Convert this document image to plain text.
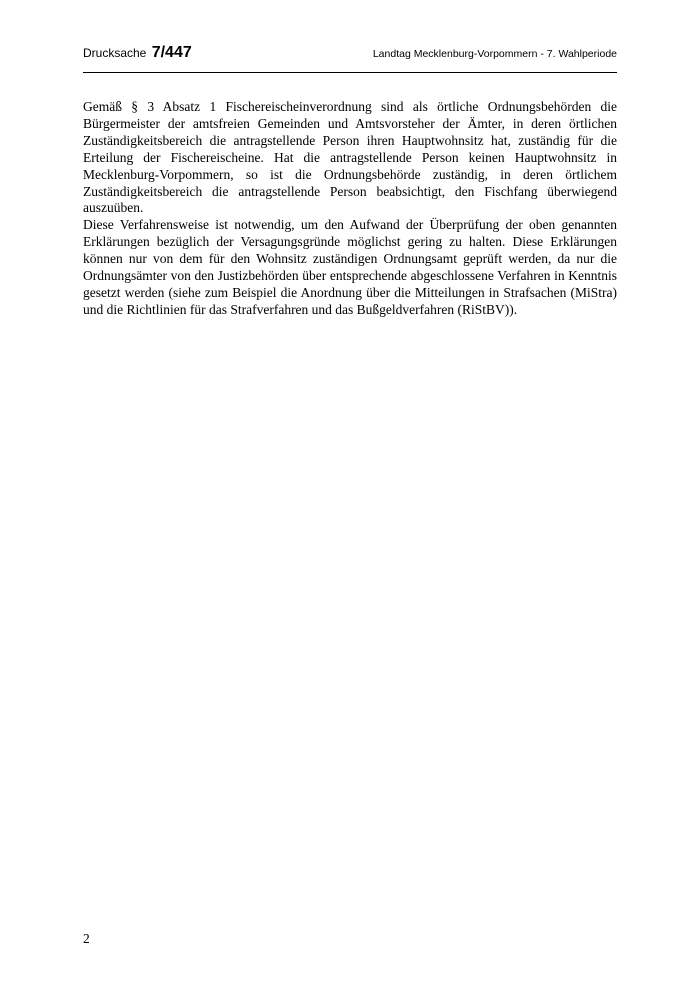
Drucksache 7/447	Landtag Mecklenburg-Vorpommern - 7. Wahlperiode

Gemäß § 3 Absatz 1 Fischereischeinverordnung sind als örtliche Ordnungsbehörden die Bürgermeister der amtsfreien Gemeinden und Amtsvorsteher der Ämter, in deren örtlichen Zuständigkeitsbereich die antragstellende Person ihren Hauptwohnsitz hat, zuständig für die Erteilung der Fischereischeine. Hat die antragstellende Person keinen Hauptwohnsitz in Mecklenburg-Vorpommern, so ist die Ordnungsbehörde zuständig, in deren örtlichem Zuständigkeitsbereich die antragstellende Person beabsichtigt, den Fischfang überwiegend auszuüben.

Diese Verfahrensweise ist notwendig, um den Aufwand der Überprüfung der oben genannten Erklärungen bezüglich der Versagungsgründe möglichst gering zu halten. Diese Erklärungen können nur von dem für den Wohnsitz zuständigen Ordnungsamt geprüft werden, da nur die Ordnungsämter von den Justizbehörden über entsprechende abgeschlossene Verfahren in Kenntnis gesetzt werden (siehe zum Beispiel die Anordnung über die Mitteilungen in Strafsachen (MiStra) und die Richtlinien für das Strafverfahren und das Bußgeldverfahren (RiStBV)).

2
